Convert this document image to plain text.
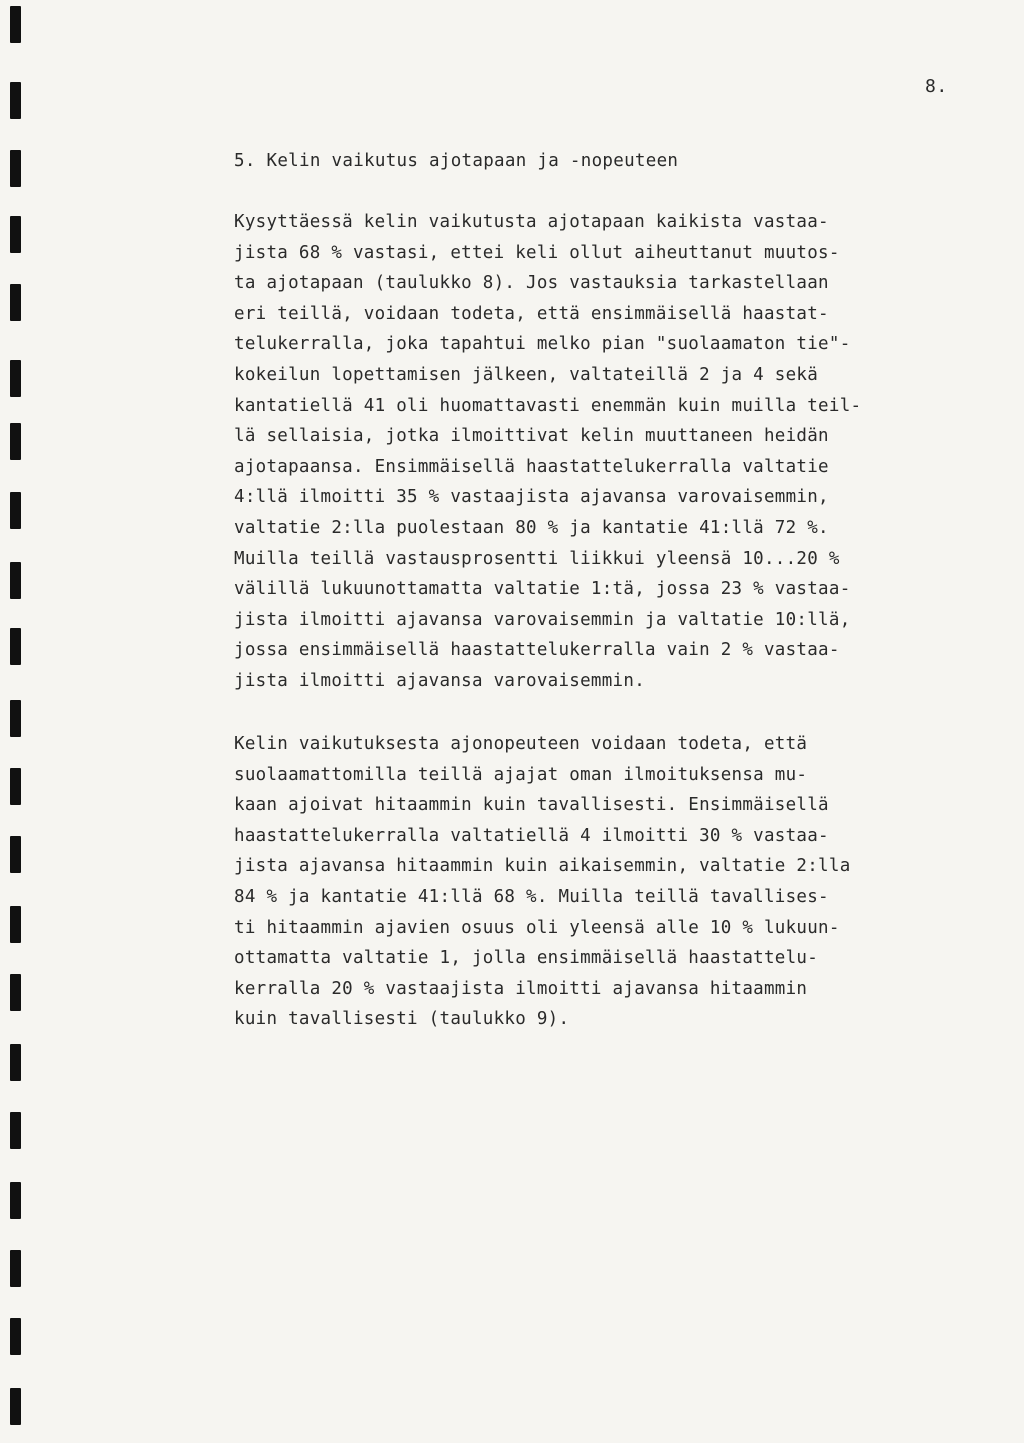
8.
5. Kelin vaikutus ajotapaan ja -nopeuteen

Kysyttäessä kelin vaikutusta ajotapaan kaikista vastaa-
jista 68 % vastasi, ettei keli ollut aiheuttanut muutos-
ta ajotapaan (taulukko 8). Jos vastauksia tarkastellaan
eri teillä, voidaan todeta, että ensimmäisellä haastat-
telukerralla, joka tapahtui melko pian "suolaamaton tie"-
kokeilun lopettamisen jälkeen, valtateillä 2 ja 4 sekä
kantatiellä 41 oli huomattavasti enemmän kuin muilla teil-
lä sellaisia, jotka ilmoittivat kelin muuttaneen heidän
ajotapaansa. Ensimmäisellä haastattelukerralla valtatie
4:llä ilmoitti 35 % vastaajista ajavansa varovaisemmin,
valtatie 2:lla puolestaan 80 % ja kantatie 41:llä 72 %.
Muilla teillä vastausprosentti liikkui yleensä 10...20 %
välillä lukuunottamatta valtatie 1:tä, jossa 23 % vastaa-
jista ilmoitti ajavansa varovaisemmin ja valtatie 10:llä,
jossa ensimmäisellä haastattelukerralla vain 2 % vastaa-
jista ilmoitti ajavansa varovaisemmin.

Kelin vaikutuksesta ajonopeuteen voidaan todeta, että
suolaamattomilla teillä ajajat oman ilmoituksensa mu-
kaan ajoivat hitaammin kuin tavallisesti. Ensimmäisellä
haastattelukerralla valtatiellä 4 ilmoitti 30 % vastaa-
jista ajavansa hitaammin kuin aikaisemmin, valtatie 2:lla
84 % ja kantatie 41:llä 68 %. Muilla teillä tavallises-
ti hitaammin ajavien osuus oli yleensä alle 10 % lukuun-
ottamatta valtatie 1, jolla ensimmäisellä haastattelu-
kerralla 20 % vastaajista ilmoitti ajavansa hitaammin
kuin tavallisesti (taulukko 9).
